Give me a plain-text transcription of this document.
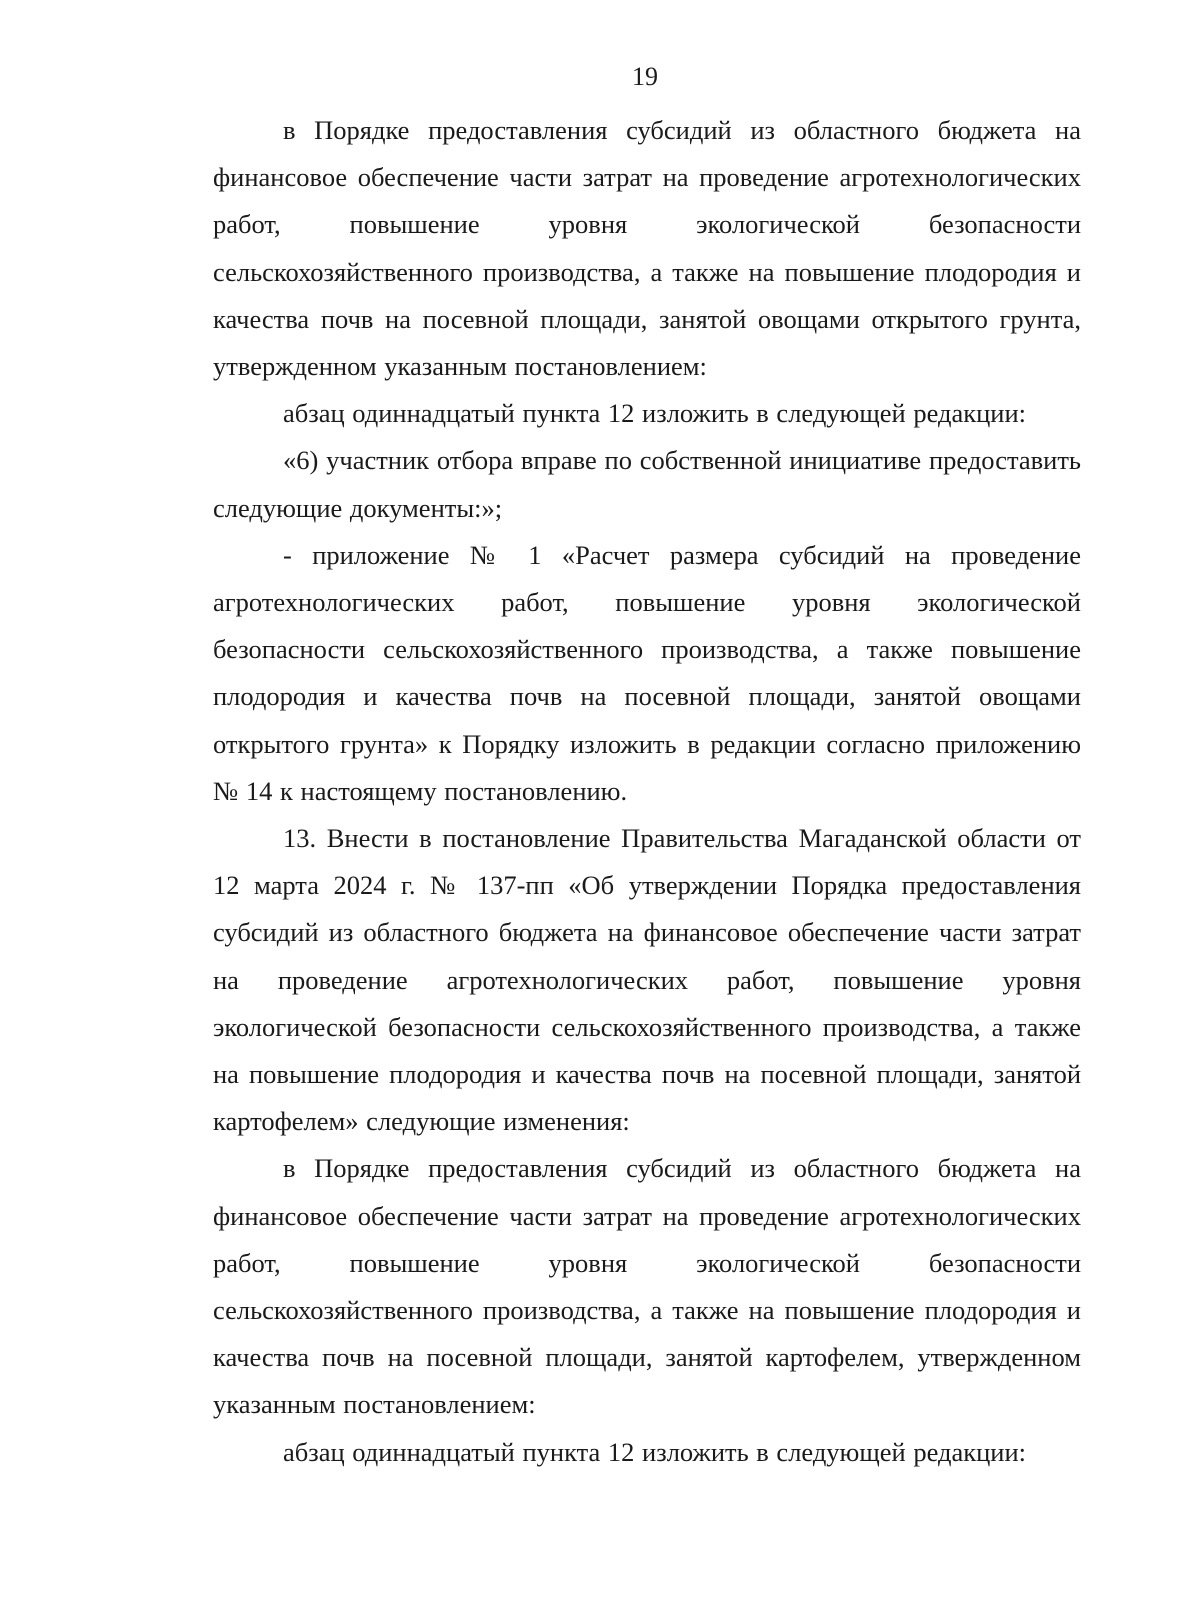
19

в Порядке предоставления субсидий из областного бюджета на финансовое обеспечение части затрат на проведение агротехнологических работ, повышение уровня экологической безопасности сельскохозяйственного производства, а также на повышение плодородия и качества почв на посевной площади, занятой овощами открытого грунта, утвержденном указанным постановлением:

абзац одиннадцатый пункта 12 изложить в следующей редакции:

«6) участник отбора вправе по собственной инициативе предоставить следующие документы:»;

- приложение № 1 «Расчет размера субсидий на проведение агротехнологических работ, повышение уровня экологической безопасности сельскохозяйственного производства, а также повышение плодородия и качества почв на посевной площади, занятой овощами открытого грунта» к Порядку изложить в редакции согласно приложению № 14 к настоящему постановлению.

13. Внести в постановление Правительства Магаданской области от 12 марта 2024 г. № 137-пп «Об утверждении Порядка предоставления субсидий из областного бюджета на финансовое обеспечение части затрат на проведение агротехнологических работ, повышение уровня экологической безопасности сельскохозяйственного производства, а также на повышение плодородия и качества почв на посевной площади, занятой картофелем» следующие изменения:

в Порядке предоставления субсидий из областного бюджета на финансовое обеспечение части затрат на проведение агротехнологических работ, повышение уровня экологической безопасности сельскохозяйственного производства, а также на повышение плодородия и качества почв на посевной площади, занятой картофелем, утвержденном указанным постановлением:

абзац одиннадцатый пункта 12 изложить в следующей редакции:
